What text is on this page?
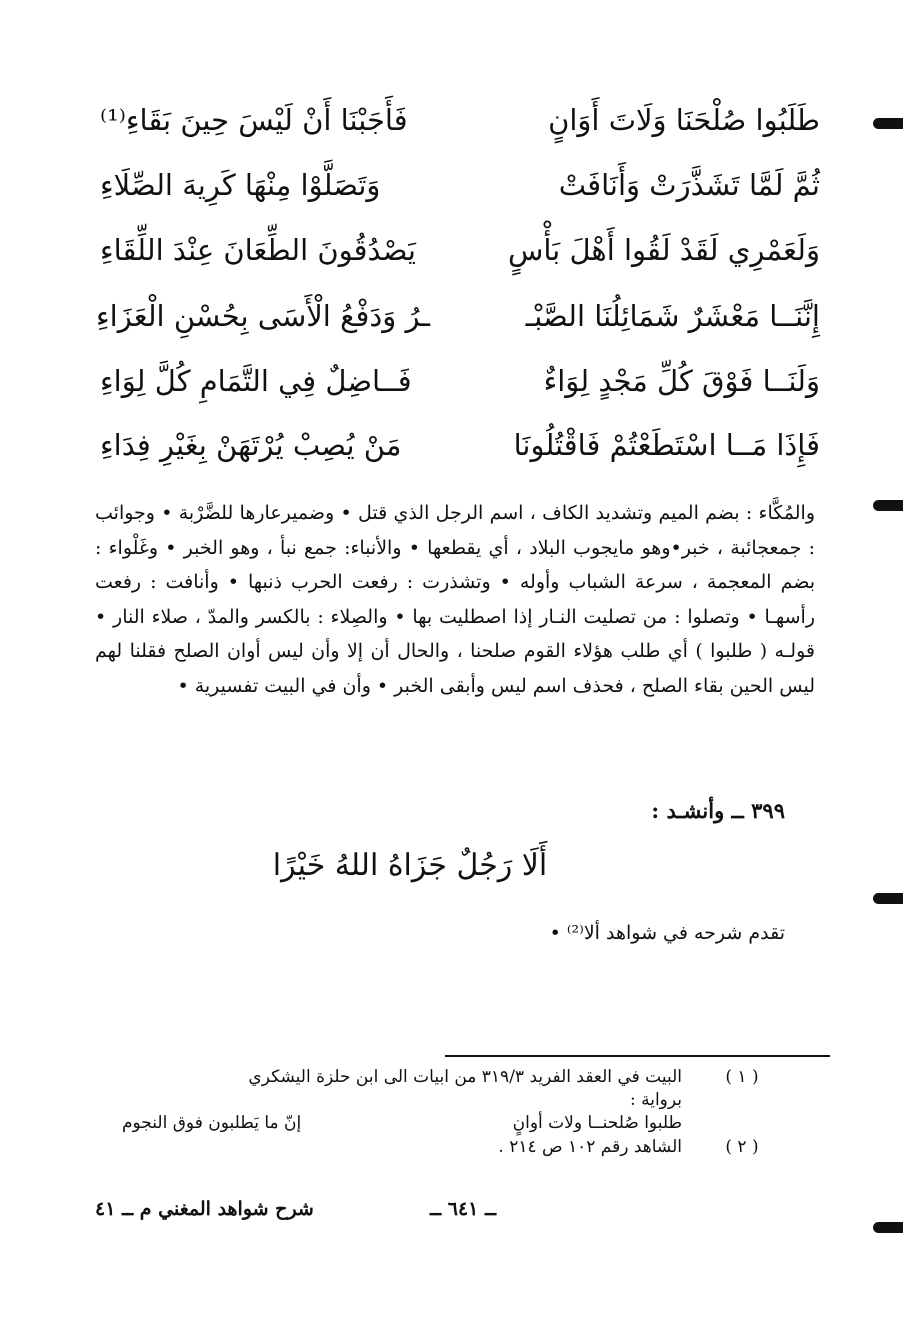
طَلَبُوا صُلْحَنَا وَلَاتَ أَوَانٍ
فَأَجَبْنَا أَنْ لَيْسَ حِينَ بَقَاءِ⁽¹⁾
ثُمَّ لَمَّا تَشَذَّرَتْ وَأَنَافَتْ
وَتَصَلَّوْا مِنْهَا كَرِيهَ الصِّلَاءِ
وَلَعَمْرِي لَقَدْ لَقُوا أَهْلَ بَأْسٍ
يَصْدُقُونَ الطِّعَانَ عِنْدَ اللِّقَاءِ
إِنَّنَــا مَعْشَرٌ شَمَائِلُنَا الصَّبْـ
ـرُ وَدَفْعُ الْأَسَى بِحُسْنِ الْعَزَاءِ
وَلَنَــا فَوْقَ كُلِّ مَجْدٍ لِوَاءٌ
فَــاضِلٌ فِي التَّمَامِ كُلَّ لِوَاءِ
فَإِذَا مَــا اسْتَطَعْتُمْ فَاقْتُلُونَا
مَنْ يُصِبْ يُرْتَهَنْ بِغَيْرِ فِدَاءِ

والمُكَّاء : بضم الميم وتشديد الكاف ، اسم الرجل الذي قتل • وضميرعارها للضَّرْبة • وجوائب : جمعجائبة ، خبر•وهو مايجوب البلاد ، أي يقطعها • والأنباء: جمع نبأ ، وهو الخبر • وغَلْواء : بضم المعجمة ، سرعة الشباب وأوله • وتشذرت : رفعت الحرب ذنبها • وأنافت : رفعت رأسهـا • وتصلوا : من تصليت النـار إذا اصطليت بها • والصِلاء : بالكسر والمدّ ، صلاء النار • قولـه ( طلبوا ) أي طلب هؤلاء القوم صلحنا ، والحال أن إلا وأن ليس أوان الصلح فقلنا لهم ليس الحين بقاء الصلح ، فحذف اسم ليس وأبقى الخبر • وأن في البيت تفسيرية •

٣٩٩ ــ وأنشـد :
أَلَا رَجُلٌ جَزَاهُ اللهُ خَيْرًا
تقدم شرحه في شواهد ألا⁽²⁾ •
( ١ )
البيت في العقد الفريد ٣١٩/٣ من ابيات الى ابن حلزة اليشكري
برواية :
طلبوا صُلحنــا ولات أوانٍ
إنّ ما يَطلبون فوق النجوم
( ٢ )
الشاهد رقم ١٠٢ ص ٢١٤ .
ــ ٦٤١ ــ
شرح شواهد المغني م ــ ٤١
